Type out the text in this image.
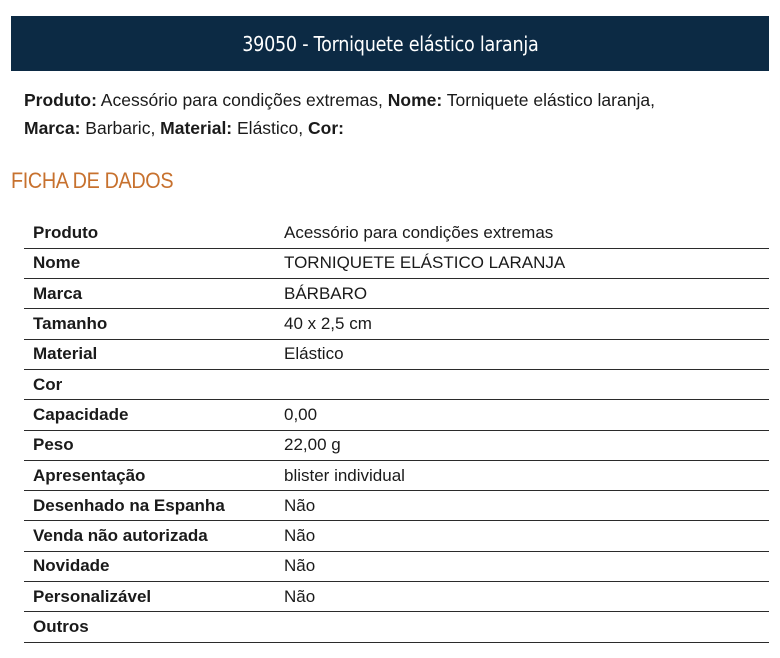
39050 - Torniquete elástico laranja
Produto: Acessório para condições extremas, Nome: Torniquete elástico laranja,
Marca: Barbaric, Material: Elástico, Cor:
FICHA DE DADOS
Produto	Acessório para condições extremas
Nome	TORNIQUETE ELÁSTICO LARANJA
Marca	BÁRBARO
Tamanho	40 x 2,5 cm
Material	Elástico
Cor	
Capacidade	0,00
Peso	22,00 g
Apresentação	blister individual
Desenhado na Espanha	Não
Venda não autorizada	Não
Novidade	Não
Personalizável	Não
Outros	
